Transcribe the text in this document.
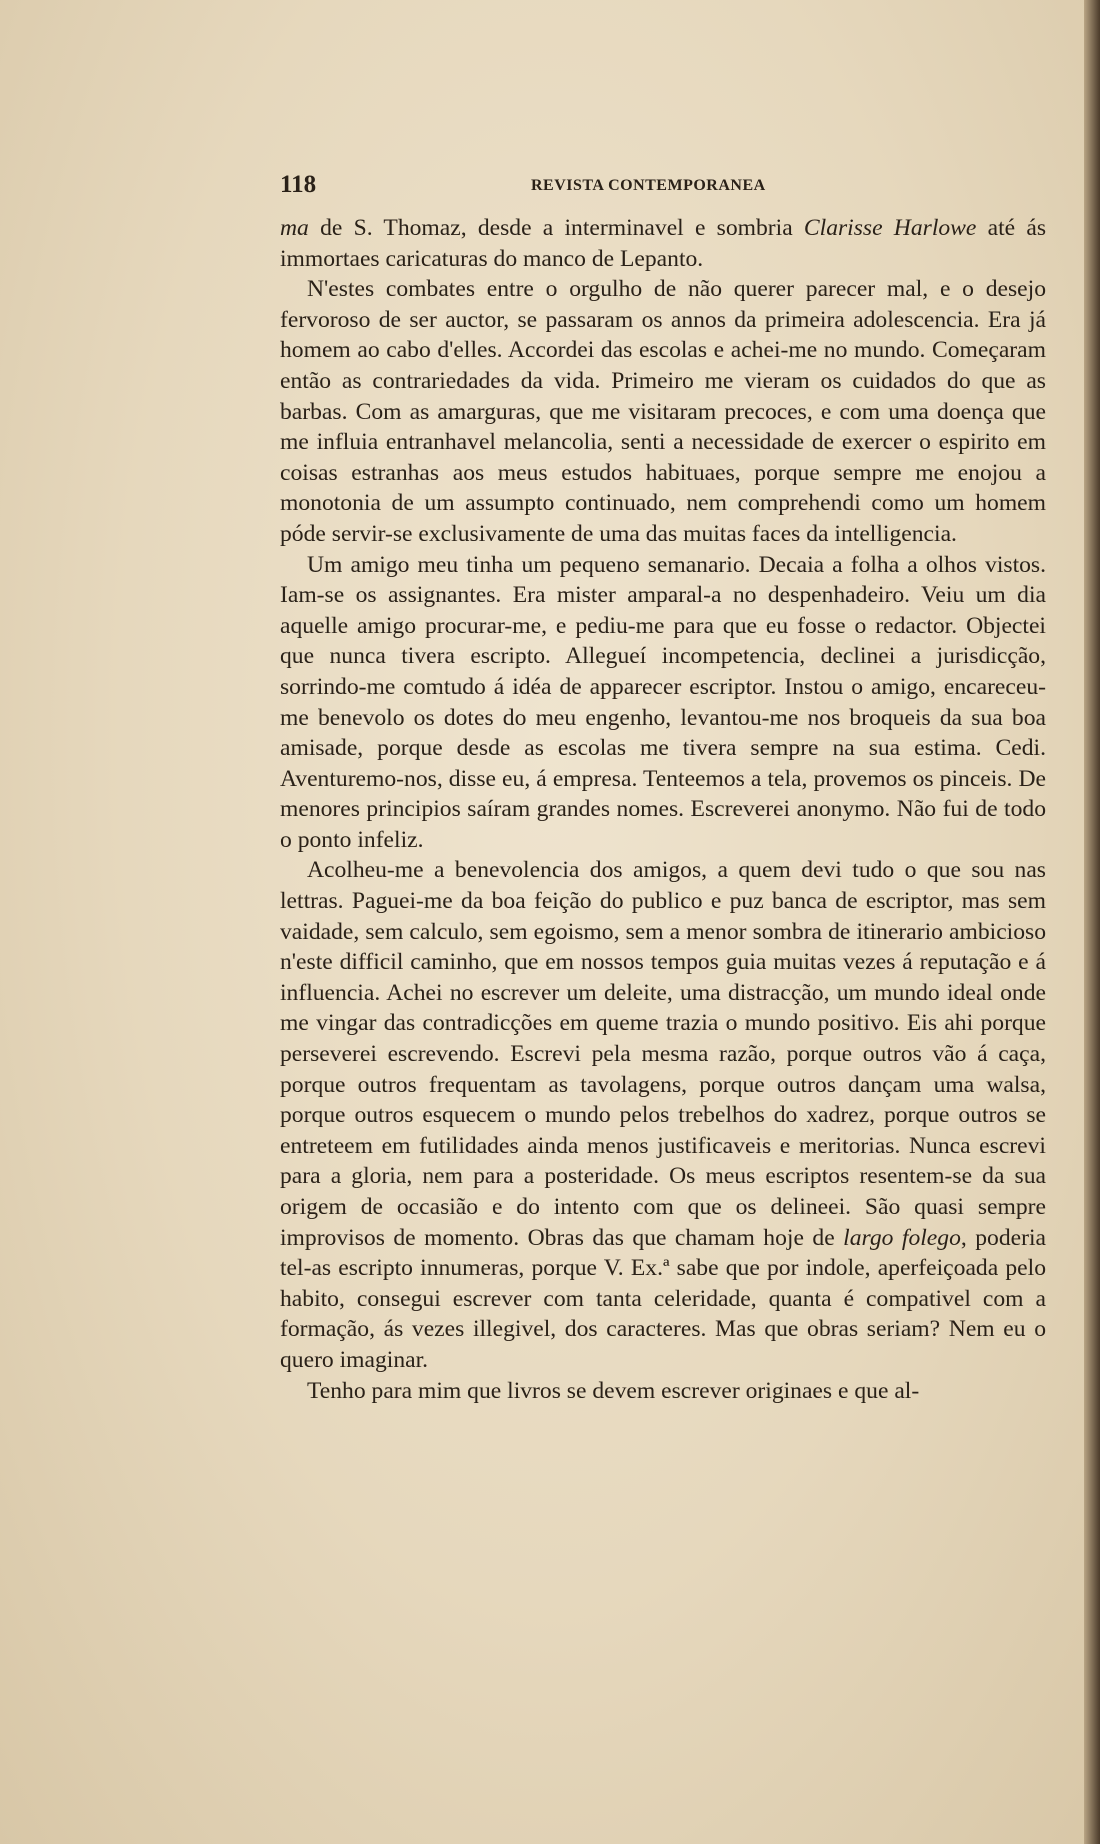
118	REVISTA CONTEMPORANEA

ma de S. Thomaz, desde a interminavel e sombria Clarisse Harlowe até ás immortaes caricaturas do manco de Lepanto.

N'estes combates entre o orgulho de não querer parecer mal, e o desejo fervoroso de ser auctor, se passaram os annos da primeira adolescencia. Era já homem ao cabo d'elles. Accordei das escolas e achei-me no mundo. Começaram então as contrariedades da vida. Primeiro me vieram os cuidados do que as barbas. Com as amarguras, que me visitaram precoces, e com uma doença que me influia entranhavel melancolia, senti a necessidade de exercer o espirito em coisas estranhas aos meus estudos habituaes, porque sempre me enojou a monotonia de um assumpto continuado, nem comprehendi como um homem póde servir-se exclusivamente de uma das muitas faces da intelligencia.

Um amigo meu tinha um pequeno semanario. Decaia a folha a olhos vistos. Iam-se os assignantes. Era mister amparal-a no despenhadeiro. Veiu um dia aquelle amigo procurar-me, e pediu-me para que eu fosse o redactor. Objectei que nunca tivera escripto. Allegueí incompetencia, declinei a jurisdicção, sorrindo-me comtudo á idéa de apparecer escriptor. Instou o amigo, encareceu-me benevolo os dotes do meu engenho, levantou-me nos broqueis da sua boa amisade, porque desde as escolas me tivera sempre na sua estima. Cedi. Aventuremo-nos, disse eu, á empresa. Tenteemos a tela, provemos os pinceis. De menores principios saíram grandes nomes. Escreverei anonymo. Não fui de todo o ponto infeliz.

Acolheu-me a benevolencia dos amigos, a quem devi tudo o que sou nas lettras. Paguei-me da boa feição do publico e puz banca de escriptor, mas sem vaidade, sem calculo, sem egoismo, sem a menor sombra de itinerario ambicioso n'este difficil caminho, que em nossos tempos guia muitas vezes á reputação e á influencia. Achei no escrever um deleite, uma distracção, um mundo ideal onde me vingar das contradicções em queme trazia o mundo positivo. Eis ahi porque perseverei escrevendo. Escrevi pela mesma razão, porque outros vão á caça, porque outros frequentam as tavolagens, porque outros dançam uma walsa, porque outros esquecem o mundo pelos trebelhos do xadrez, porque outros se entreteem em futilidades ainda menos justificaveis e meritorias. Nunca escrevi para a gloria, nem para a posteridade. Os meus escriptos resentem-se da sua origem de occasião e do intento com que os delineei. São quasi sempre improvisos de momento. Obras das que chamam hoje de largo folego, poderia tel-as escripto innumeras, porque V. Ex.ª sabe que por indole, aperfeiçoada pelo habito, consegui escrever com tanta celeridade, quanta é compativel com a formação, ás vezes illegivel, dos caracteres. Mas que obras seriam? Nem eu o quero imaginar.

Tenho para mim que livros se devem escrever originaes e que al-
